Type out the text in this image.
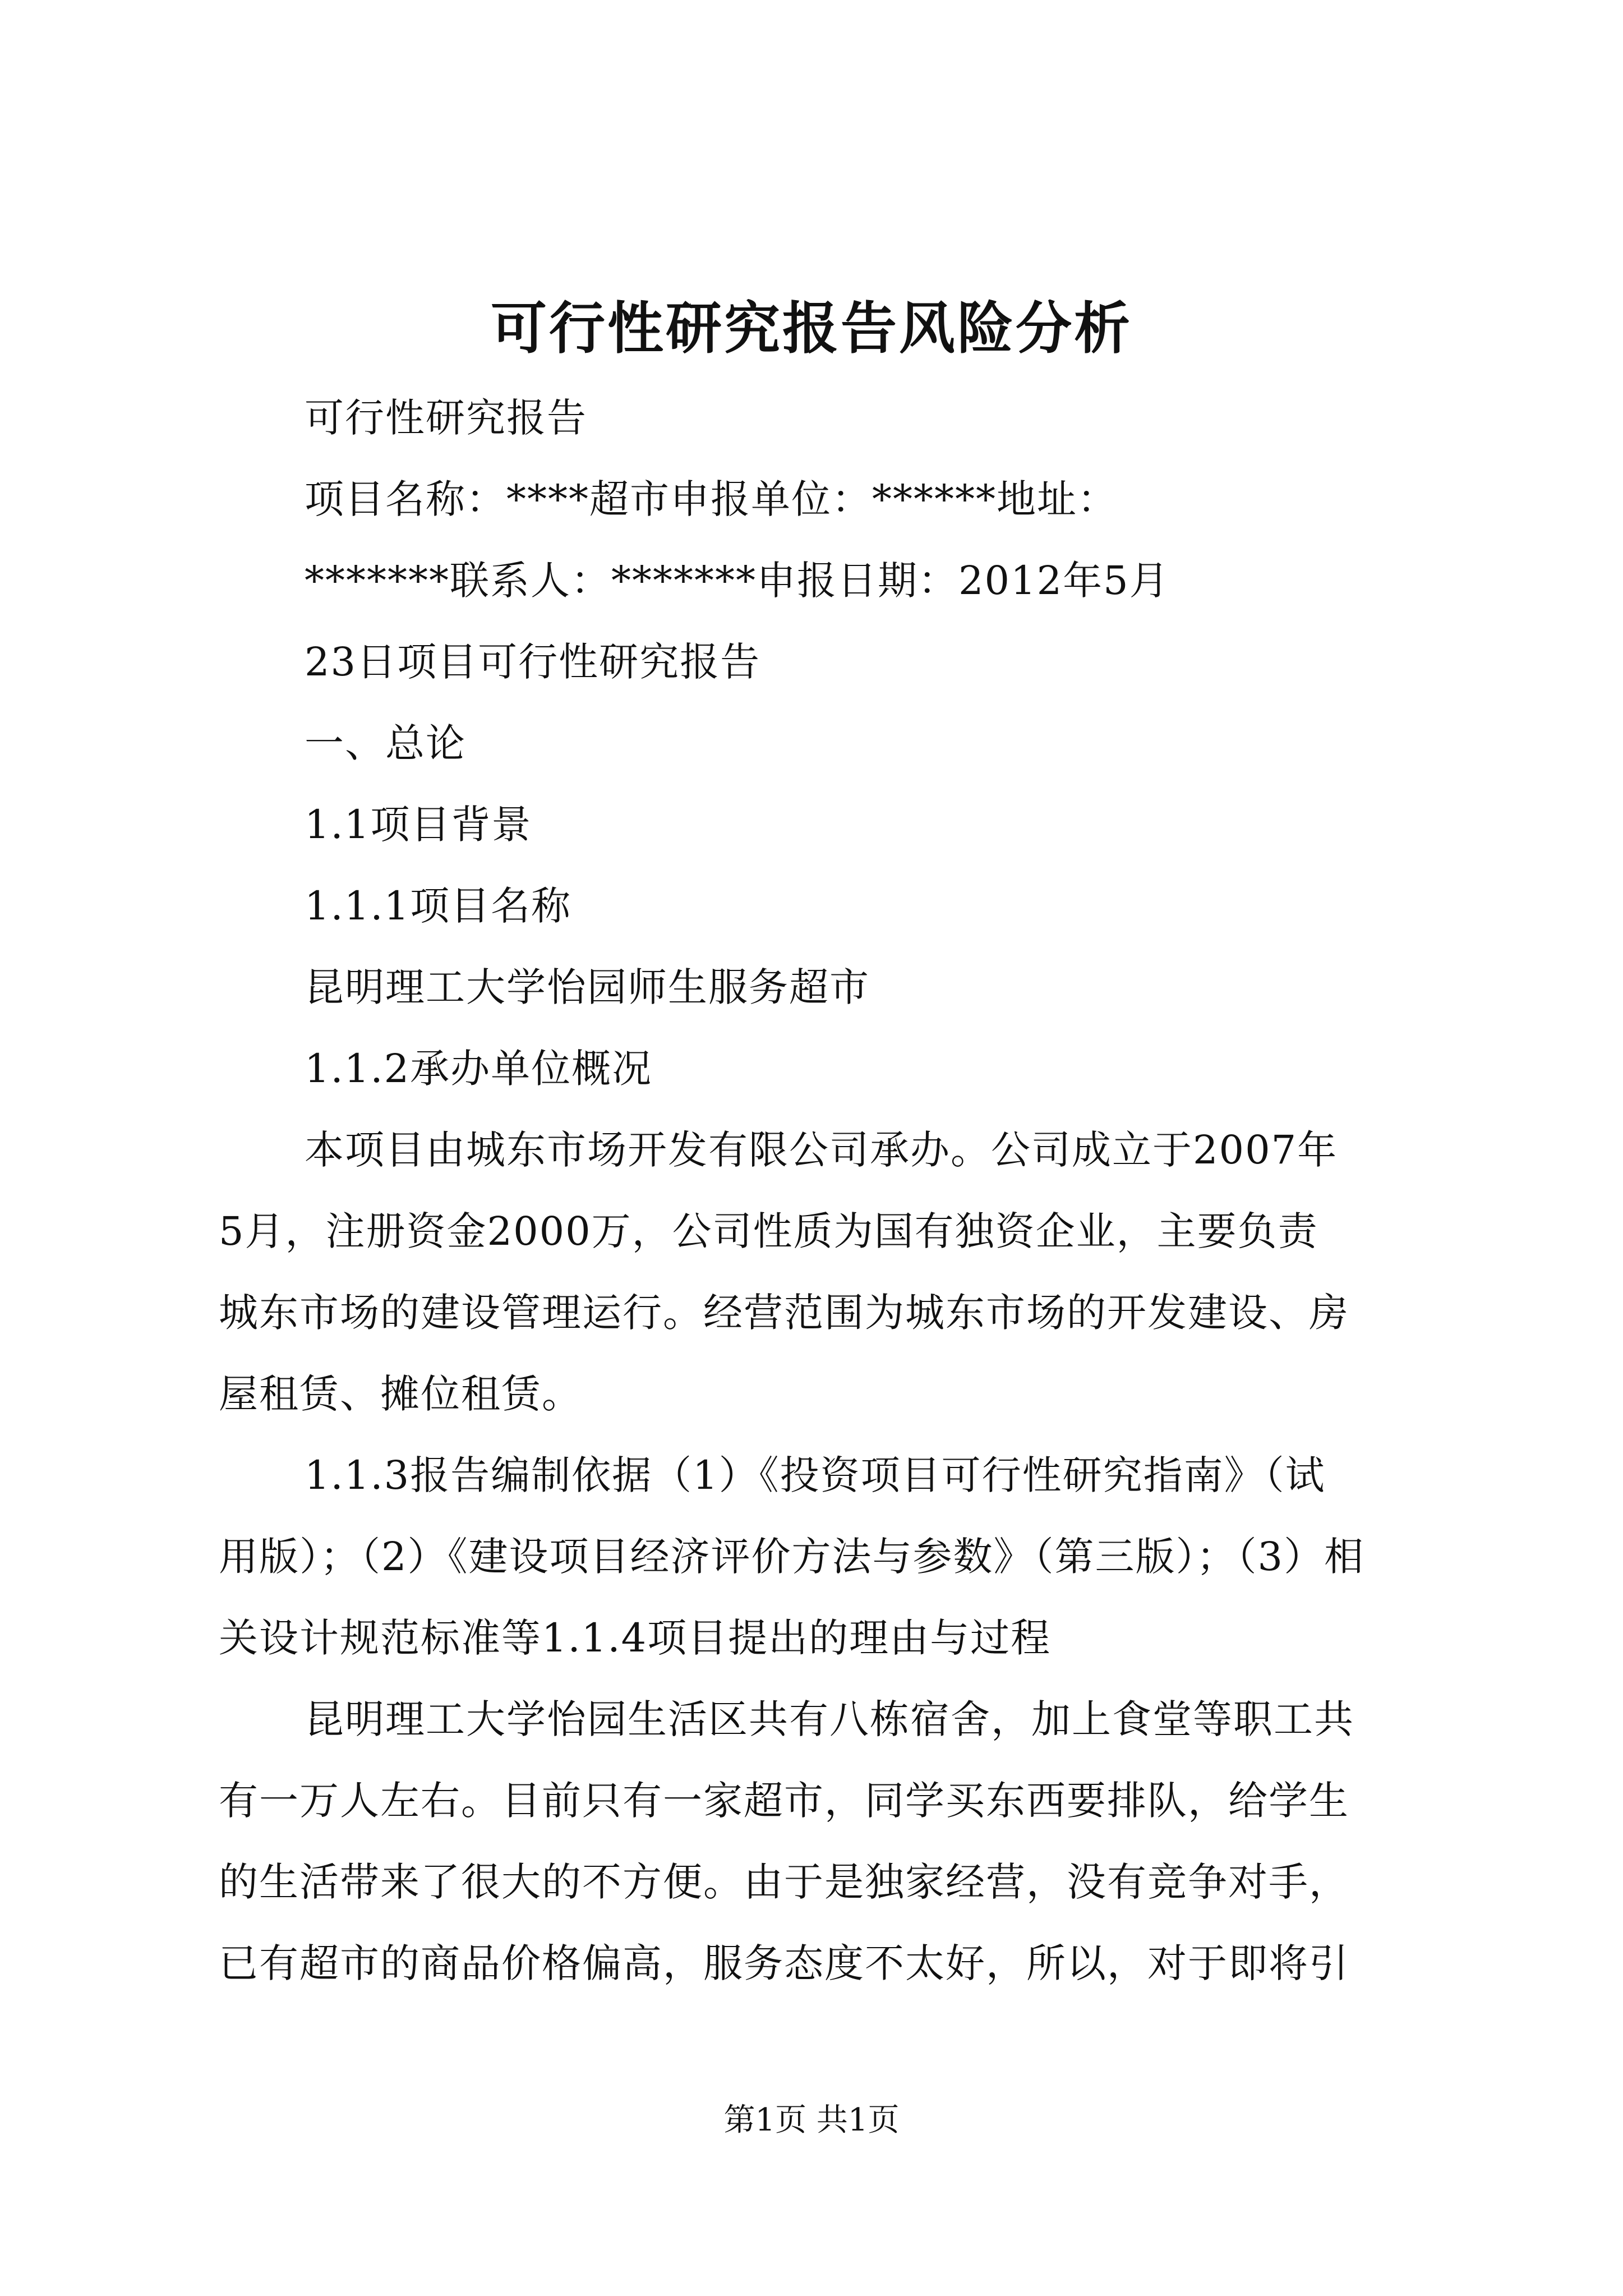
可行性研究报告风险分析
可行性研究报告
项目名称：****超市申报单位：******地址：
*******联系人：*******申报日期：2012年5月
23日项目可行性研究报告
一、总论
1.1项目背景
1.1.1项目名称
昆明理工大学怡园师生服务超市
1.1.2承办单位概况
本项目由城东市场开发有限公司承办。公司成立于2007年
5月，注册资金2000万，公司性质为国有独资企业，主要负责
城东市场的建设管理运行。经营范围为城东市场的开发建设、房
屋租赁、摊位租赁。
1.1.3报告编制依据（1）《投资项目可行性研究指南》（试
用版）；（2）《建设项目经济评价方法与参数》（第三版）；（3）相
关设计规范标准等1.1.4项目提出的理由与过程
昆明理工大学怡园生活区共有八栋宿舍，加上食堂等职工共
有一万人左右。目前只有一家超市，同学买东西要排队，给学生
的生活带来了很大的不方便。由于是独家经营，没有竞争对手，
已有超市的商品价格偏高，服务态度不太好，所以，对于即将引
第1页 共1页
